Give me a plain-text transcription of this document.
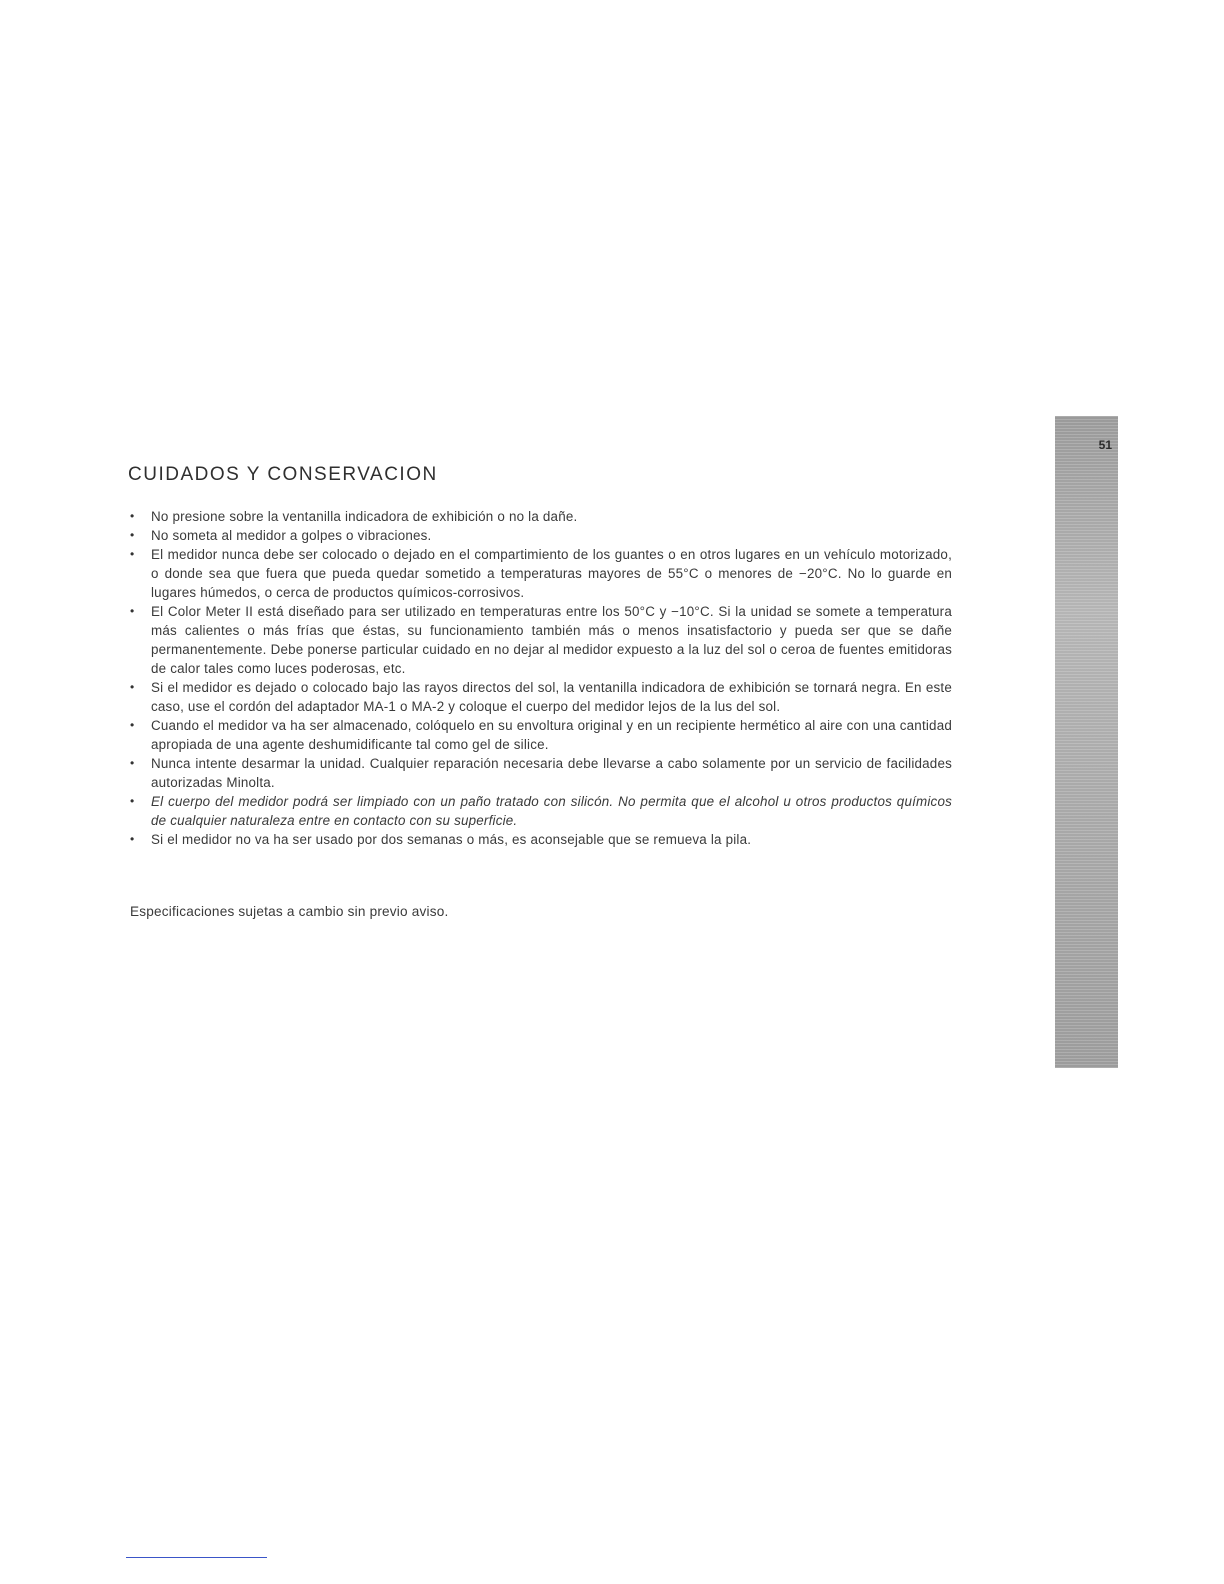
CUIDADOS Y CONSERVACION
• No presione sobre la ventanilla indicadora de exhibición o no la dañe.
• No someta al medidor a golpes o vibraciones.
• El medidor nunca debe ser colocado o dejado en el compartimiento de los guantes o en otros lugares en un vehículo motorizado, o donde sea que fuera que pueda quedar sometido a temperaturas mayores de 55°C o menores de −20°C. No lo guarde en lugares húmedos, o cerca de productos químicos-corrosivos.
• El Color Meter II está diseñado para ser utilizado en temperaturas entre los 50°C y −10°C. Si la unidad se somete a temperatura más calientes o más frías que éstas, su funcionamiento también más o menos insatisfactorio y pueda ser que se dañe permanentemente. Debe ponerse particular cuidado en no dejar al medidor expuesto a la luz del sol o ceroa de fuentes emitidoras de calor tales como luces poderosas, etc.
• Si el medidor es dejado o colocado bajo las rayos directos del sol, la ventanilla indicadora de exhibición se tornará negra. En este caso, use el cordón del adaptador MA-1 o MA-2 y coloque el cuerpo del medidor lejos de la lus del sol.
• Cuando el medidor va ha ser almacenado, colóquelo en su envoltura original y en un recipiente hermético al aire con una cantidad apropiada de una agente deshumidificante tal como gel de silice.
• Nunca intente desarmar la unidad. Cualquier reparación necesaria debe llevarse a cabo solamente por un servicio de facilidades autorizadas Minolta.
• El cuerpo del medidor podrá ser limpiado con un paño tratado con silicón. No permita que el alcohol u otros productos químicos de cualquier naturaleza entre en contacto con su superficie.
• Si el medidor no va ha ser usado por dos semanas o más, es aconsejable que se remueva la pila.

Especificaciones sujetas a cambio sin previo aviso.

51
